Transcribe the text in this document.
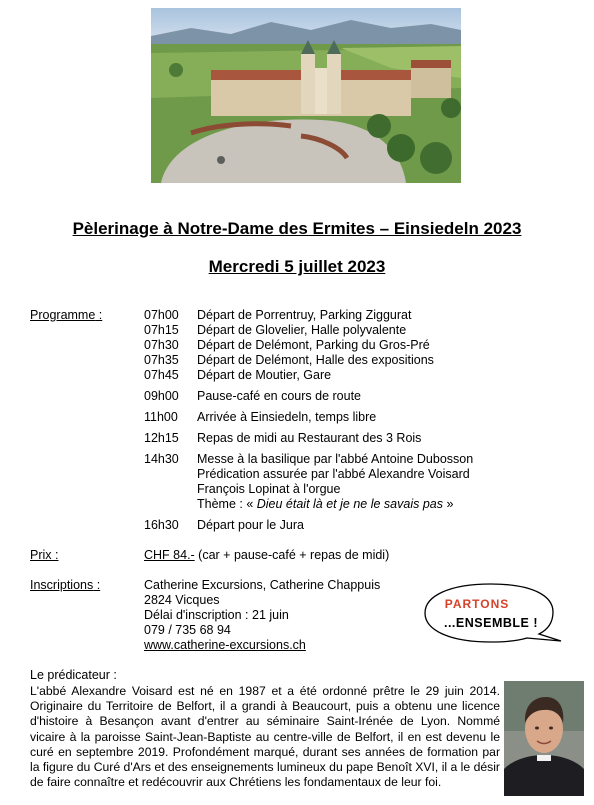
Pèlerinage à Notre-Dame des Ermites – Einsiedeln 2023
Mercredi 5 juillet 2023
Programme :	07h00 Départ de Porrentruy, Parking Ziggurat
07h15 Départ de Glovelier, Halle polyvalente
07h30 Départ de Delémont, Parking du Gros-Pré
07h35 Départ de Delémont, Halle des expositions
07h45 Départ de Moutier, Gare
09h00 Pause-café en cours de route
11h00 Arrivée à Einsiedeln, temps libre
12h15 Repas de midi au Restaurant des 3 Rois
14h30 Messe à la basilique par l'abbé Antoine Dubosson
Prédication assurée par l'abbé Alexandre Voisard
François Lopinat à l'orgue
Thème : « Dieu était là et je ne le savais pas »
16h30 Départ pour le Jura
Prix :	CHF 84.- (car + pause-café + repas de midi)
Inscriptions :	Catherine Excursions, Catherine Chappuis
2824 Vicques
Délai d'inscription : 21 juin
079 / 735 68 94
www.catherine-excursions.ch
PARTONS
...ENSEMBLE !
Le prédicateur :
L'abbé Alexandre Voisard est né en 1987 et a été ordonné prêtre le 29 juin 2014. Originaire du Territoire de Belfort, il a grandi à Beaucourt, puis a obtenu une licence d'histoire à Besançon avant d'entrer au séminaire Saint-Irénée de Lyon. Nommé vicaire à la paroisse Saint-Jean-Baptiste au centre-ville de Belfort, il en est devenu le curé en septembre 2019. Profondément marqué, durant ses années de formation par la figure du Curé d'Ars et des enseignements lumineux du pape Benoît XVI, il a le désir de faire connaître et redécouvrir aux Chrétiens les fondamentaux de leur foi.
